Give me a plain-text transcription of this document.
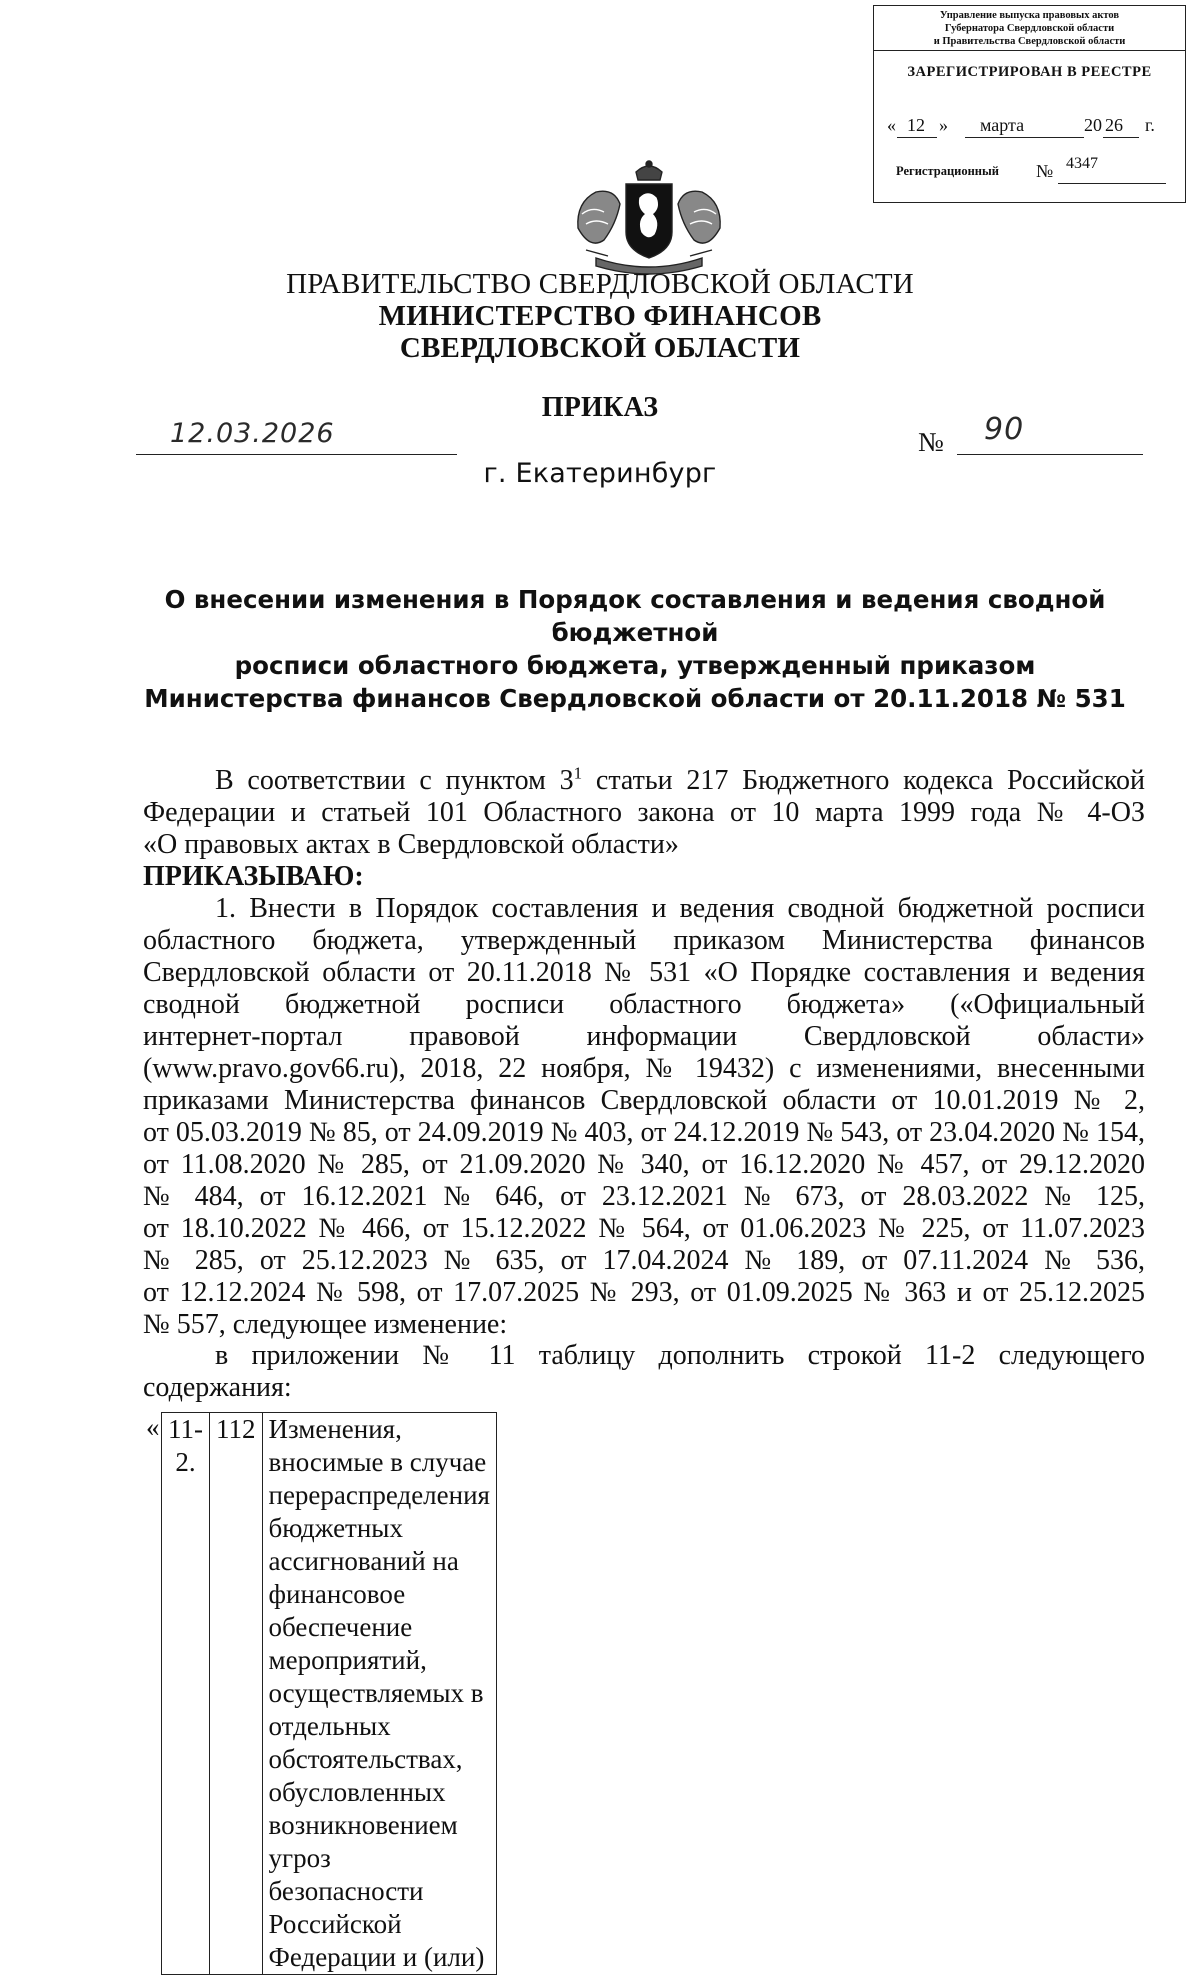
Управление выпуска правовых актов
Губернатора Свердловской области
и Правительства Свердловской области
ЗАРЕГИСТРИРОВАН В РЕЕСТРЕ
« 12 » марта	20 26 г.
Регистрационный № 4347
ПРАВИТЕЛЬСТВО СВЕРДЛОВСКОЙ ОБЛАСТИ
МИНИСТЕРСТВО ФИНАНСОВ
СВЕРДЛОВСКОЙ ОБЛАСТИ
ПРИКАЗ
12.03.2026	№	90
г. Екатеринбург
О внесении изменения в Порядок составления и ведения сводной бюджетной
росписи областного бюджета, утвержденный приказом
Министерства финансов Свердловской области от 20.11.2018 № 531

В соответствии с пунктом $3^1$ статьи 217 Бюджетного кодекса Российской

Федерации и статьей 101 Областного закона от 10 марта 1999 года № 4-ОЗ

«О правовых актах в Свердловской области»

ПРИКАЗЫВАЮ:

1. Внести в Порядок составления и ведения сводной бюджетной росписи

областного бюджета, утвержденный приказом Министерства финансов

Свердловской области от 20.11.2018 № 531 «О Порядке составления и ведения

сводной бюджетной росписи областного бюджета» («Официальный

интернет-портал правовой информации Свердловской области»

(www.pravo.gov66.ru), 2018, 22 ноября, № 19432) с изменениями, внесенными

приказами Министерства финансов Свердловской области от 10.01.2019 № 2,

от 05.03.2019 № 85, от 24.09.2019 № 403, от 24.12.2019 № 543, от 23.04.2020 № 154,

от 11.08.2020 № 285, от 21.09.2020 № 340, от 16.12.2020 № 457, от 29.12.2020

№ 484, от 16.12.2021 № 646, от 23.12.2021 № 673, от 28.03.2022 № 125,

от 18.10.2022 № 466, от 15.12.2022 № 564, от 01.06.2023 № 225, от 11.07.2023

№ 285, от 25.12.2023 № 635, от 17.04.2024 № 189, от 07.11.2024 № 536,

от 12.12.2024 № 598, от 17.07.2025 № 293, от 01.09.2025 № 363 и от 25.12.2025

№ 557, следующее изменение:

в приложении № 11 таблицу дополнить строкой 11-2 следующего

содержания:

« 11-2.	112	Изменения, вносимые в случае перераспределения
бюджетных ассигнований на финансовое обеспечение
мероприятий, осуществляемых в отдельных
обстоятельствах, обусловленных возникновением угроз
безопасности Российской Федерации и (или)
